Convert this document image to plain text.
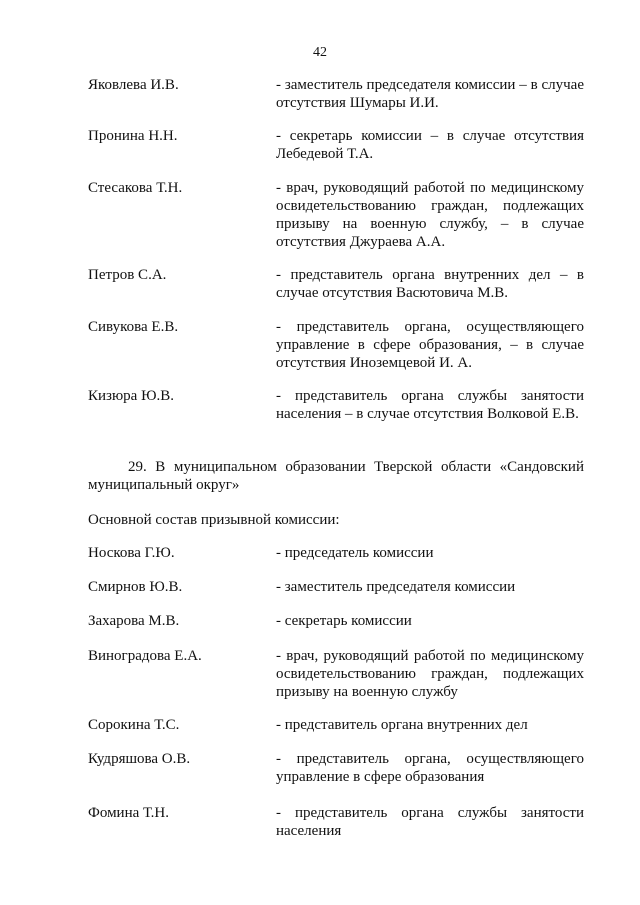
42
Яковлева И.В.	- заместитель председателя комиссии – в случае отсутствия Шумары И.И.
Пронина Н.Н.	- секретарь комиссии – в случае отсутствия Лебедевой Т.А.
Стесакова Т.Н.	- врач, руководящий работой по медицинскому освидетельствованию граждан, подлежащих призыву на военную службу, – в случае отсутствия Джураева А.А.
Петров С.А.	- представитель органа внутренних дел – в случае отсутствия Васютовича М.В.
Сивукова Е.В.	- представитель органа, осуществляющего управление в сфере образования, – в случае отсутствия Иноземцевой И. А.
Кизюра Ю.В.	- представитель органа службы занятости населения – в случае отсутствия Волковой Е.В.
29. В муниципальном образовании Тверской области «Сандовский муниципальный округ»
Основной состав призывной комиссии:
Носкова Г.Ю.	- председатель комиссии
Смирнов Ю.В.	- заместитель председателя комиссии
Захарова М.В.	- секретарь комиссии
Виноградова Е.А.	- врач, руководящий работой по медицинскому освидетельствованию граждан, подлежащих призыву на военную службу
Сорокина Т.С.	- представитель органа внутренних дел
Кудряшова О.В.	- представитель органа, осуществляющего управление в сфере образования
Фомина Т.Н.	- представитель органа службы занятости населения
